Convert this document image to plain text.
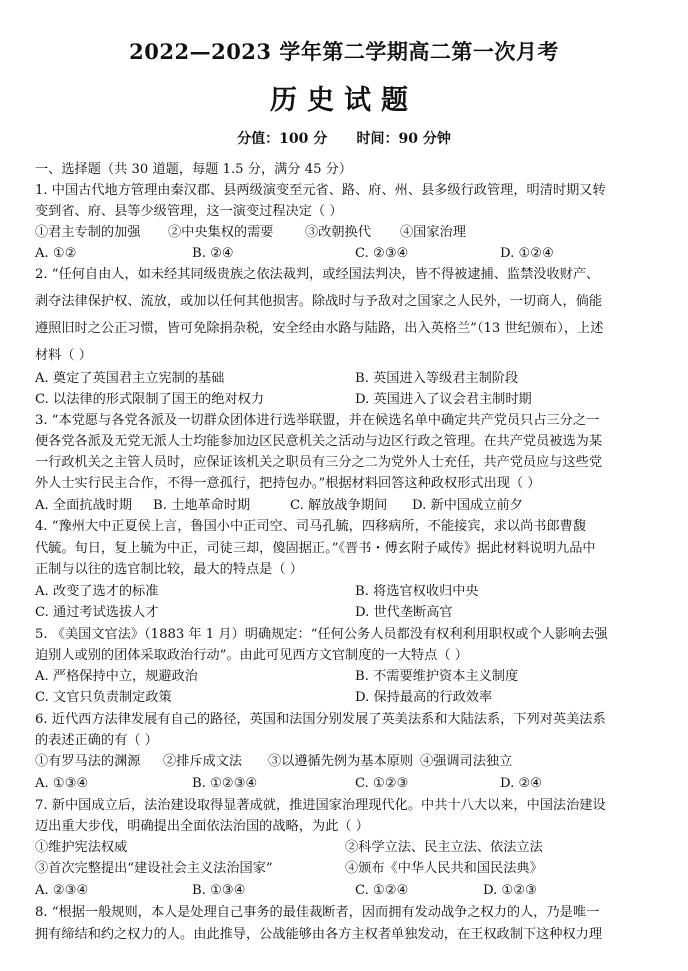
2022—2023 学年第二学期高二第一次月考
历史试题
分值：100 分      时间：90 分钟
一、选择题（共 30 道题，每题 1.5 分，满分 45 分）
1. 中国古代地方管理由秦汉郡、县两级演变至元省、路、府、州、县多级行政管理，明清时期又转
变到省、府、县等少级管理，这一演变过程决定（ ）
①君主专制的加强 ②中央集权的需要 ③改朝换代 ④国家治理
A. ①②	B. ②④	C. ②③④	D. ①②④
2. “任何自由人，如未经其同级贵族之依法裁判，或经国法判决，皆不得被逮捕、监禁没收财产、
剥夺法律保护权、流放，或加以任何其他损害。除战时与予敌对之国家之人民外，一切商人，倘能
遵照旧时之公正习惯，皆可免除捐杂税，安全经由水路与陆路，出入英格兰”（13 世纪颁布），上述
材料（ ）
A. 奠定了英国君主立宪制的基础	B. 英国进入等级君主制阶段
C. 以法律的形式限制了国王的绝对权力	D. 英国进入了议会君主制时期
3. “本党愿与各党各派及一切群众团体进行选举联盟，并在候选名单中确定共产党员只占三分之一
便各党各派及无党无派人士均能参加边区民意机关之活动与边区行政之管理。在共产党员被选为某
一行政机关之主管人员时，应保证该机关之职员有三分之二为党外人士充任，共产党员应与这些党
外人士实行民主合作，不得一意孤行，把持包办。”根据材料回答这种政权形式出现（ ）
A. 全面抗战时期 B. 土地革命时期	C. 解放战争期间 D. 新中国成立前夕
4. “豫州大中正夏侯上言，鲁国小中正司空、司马孔毓，四移病所，不能接宾，求以尚书郎曹馥
代毓。旬日，复上毓为中正，司徒三却，傻固据正。”《晋书・傅玄附子咸传》据此材料说明九品中
正制与以往的选官制比较，最大的特点是（ ）
A. 改变了选才的标准	B. 将选官权收归中央
C. 通过考试选拔人才	D. 世代垄断高官
5. 《美国文官法》（1883 年 1 月）明确规定：“任何公务人员都没有权利利用职权或个人影响去强
迫别人或别的团体采取政治行动”。由此可见西方文官制度的一大特点（ ）
A. 严格保持中立，规避政治	B. 不需要维护资本主义制度
C. 文官只负责制定政策	D. 保持最高的行政效率
6. 近代西方法律发展有自己的路径，英国和法国分别发展了英美法系和大陆法系，下列对英美法系
的表述正确的有（ ）
①有罗马法的渊源 ②排斥成文法 ③以遵循先例为基本原则 ④强调司法独立
A. ①③④	B. ①②③④	C. ①②③	D. ②④
7. 新中国成立后，法治建设取得显著成就，推进国家治理现代化。中共十八大以来，中国法治建设
迈出重大步伐，明确提出全面依法治国的战略，为此（ ）
①维护宪法权威	②科学立法、民主立法、依法立法
③首次完整提出“建设社会主义法治国家”	④颁布《中华人民共和国民法典》
A. ②③④	B. ①③④	C. ①②④	D. ①②③
8. “根据一般规则，本人是处理自己事务的最佳裁断者，因而拥有发动战争之权力的人，乃是唯一
拥有缔结和约之权力的人。由此推导，公战能够由各方主权者单独发动，在王权政制下这种权力理
